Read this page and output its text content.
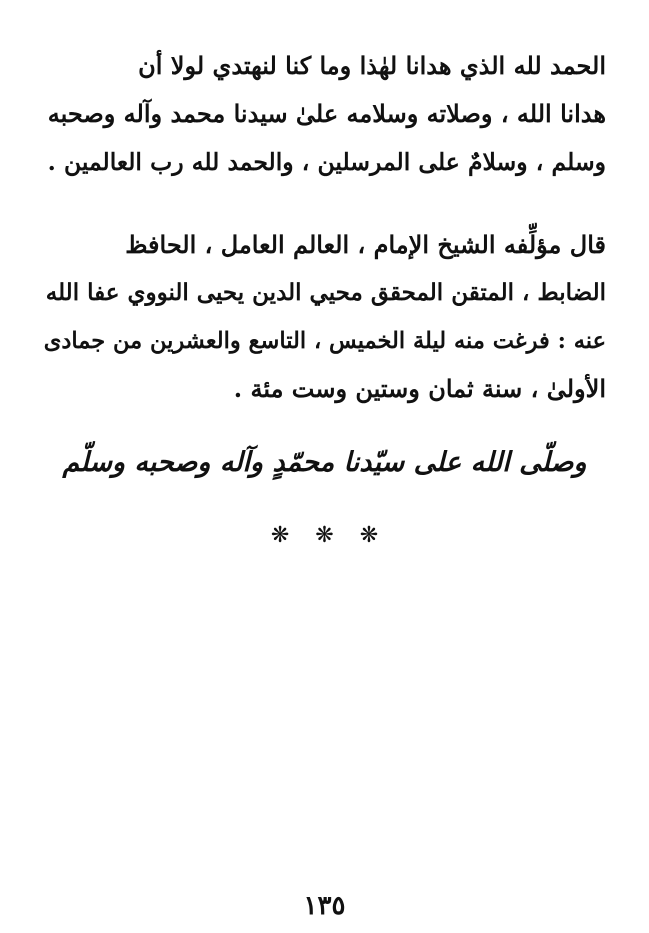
الحمد لله الذي هدانا لهٰذا وما كنا لنهتدي لولا أن
هدانا الله ، وصلاته وسلامه علىٰ سيدنا محمد وآله وصحبه
وسلم ، وسلامٌ على المرسلين ، والحمد لله رب العالمين .
قال مؤلِّفه الشيخ الإمام ، العالم العامل ، الحافظ
الضابط ، المتقن المحقق محيي الدين يحيى النووي عفا الله
عنه : فرغت منه ليلة الخميس ، التاسع والعشرين من جمادى
الأولىٰ ، سنة ثمان وستين وست مئة .
وصلّى الله على سيّدنا محمّدٍ وآله وصحبه وسلّم
❋❋❋
١٣٥
